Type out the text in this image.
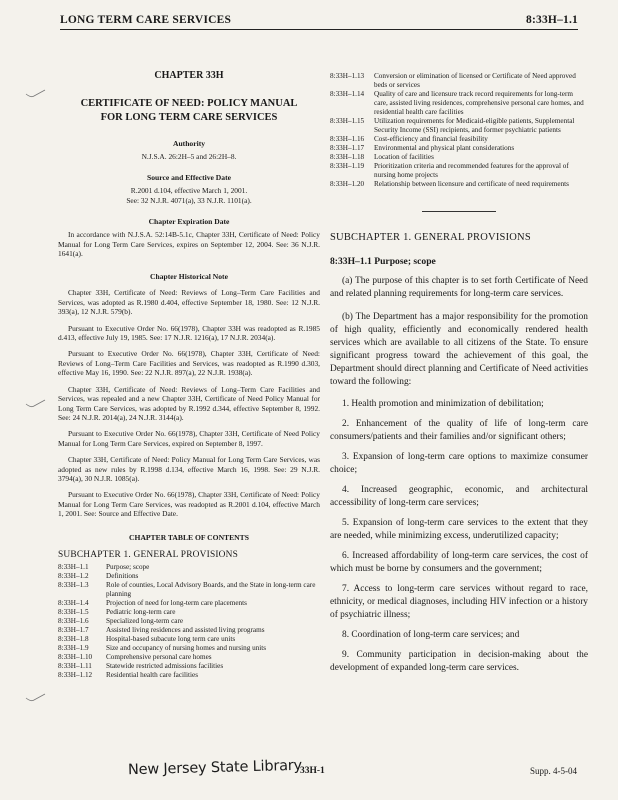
LONG TERM CARE SERVICES	8:33H–1.1
CHAPTER 33H
CERTIFICATE OF NEED: POLICY MANUAL
FOR LONG TERM CARE SERVICES
Authority
N.J.S.A. 26:2H–5 and 26:2H–8.
Source and Effective Date
R.2001 d.104, effective March 1, 2001.
See: 32 N.J.R. 4071(a), 33 N.J.R. 1101(a).
Chapter Expiration Date
In accordance with N.J.S.A. 52:14B-5.1c, Chapter 33H, Certificate of Need: Policy Manual for Long Term Care Services, expires on September 12, 2004. See: 36 N.J.R. 1641(a).
Chapter Historical Note
Chapter 33H, Certificate of Need: Reviews of Long–Term Care Facilities and Services, was adopted as R.1980 d.404, effective September 18, 1980. See: 12 N.J.R. 393(a), 12 N.J.R. 579(b).
Pursuant to Executive Order No. 66(1978), Chapter 33H was readopted as R.1985 d.413, effective July 19, 1985. See: 17 N.J.R. 1216(a), 17 N.J.R. 2034(a).
Pursuant to Executive Order No. 66(1978), Chapter 33H, Certificate of Need: Reviews of Long–Term Care Facilities and Services, was readopted as R.1990 d.303, effective May 16, 1990. See: 22 N.J.R. 897(a), 22 N.J.R. 1938(a).
Chapter 33H, Certificate of Need: Reviews of Long–Term Care Facilities and Services, was repealed and a new Chapter 33H, Certificate of Need Policy Manual for Long Term Care Services, was adopted by R.1992 d.344, effective September 8, 1992. See: 24 N.J.R. 2014(a), 24 N.J.R. 3144(a).
Pursuant to Executive Order No. 66(1978), Chapter 33H, Certificate of Need Policy Manual for Long Term Care Services, expired on September 8, 1997.
Chapter 33H, Certificate of Need: Policy Manual for Long Term Care Services, was adopted as new rules by R.1998 d.134, effective March 16, 1998. See: 29 N.J.R. 3794(a), 30 N.J.R. 1085(a).
Pursuant to Executive Order No. 66(1978), Chapter 33H, Certificate of Need: Policy Manual for Long Term Care Services, was readopted as R.2001 d.104, effective March 1, 2001. See: Source and Effective Date.
CHAPTER TABLE OF CONTENTS
SUBCHAPTER 1. GENERAL PROVISIONS
8:33H–1.1	Purpose; scope
8:33H–1.2	Definitions
8:33H–1.3	Role of counties, Local Advisory Boards, and the State in long-term care planning
8:33H–1.4	Projection of need for long-term care placements
8:33H–1.5	Pediatric long-term care
8:33H–1.6	Specialized long-term care
8:33H–1.7	Assisted living residences and assisted living programs
8:33H–1.8	Hospital-based subacute long term care units
8:33H–1.9	Size and occupancy of nursing homes and nursing units
8:33H–1.10	Comprehensive personal care homes
8:33H–1.11	Statewide restricted admissions facilities
8:33H–1.12	Residential health care facilities
8:33H–1.13	Conversion or elimination of licensed or Certificate of Need approved beds or services
8:33H–1.14	Quality of care and licensure track record requirements for long-term care, assisted living residences, comprehensive personal care homes, and residential health care facilities
8:33H–1.15	Utilization requirements for Medicaid-eligible patients, Supplemental Security Income (SSI) recipients, and former psychiatric patients
8:33H–1.16	Cost-efficiency and financial feasibility
8:33H–1.17	Environmental and physical plant considerations
8:33H–1.18	Location of facilities
8:33H–1.19	Prioritization criteria and recommended features for the approval of nursing home projects
8:33H–1.20	Relationship between licensure and certificate of need requirements
SUBCHAPTER 1. GENERAL PROVISIONS
8:33H–1.1 Purpose; scope
(a) The purpose of this chapter is to set forth Certificate of Need and related planning requirements for long-term care services.
(b) The Department has a major responsibility for the promotion of high quality, efficiently and economically rendered health services which are available to all citizens of the State. To ensure significant progress toward the achievement of this goal, the Department should direct planning and Certificate of Need activities toward the following:
1. Health promotion and minimization of debilitation;
2. Enhancement of the quality of life of long-term care consumers/patients and their families and/or significant others;
3. Expansion of long-term care options to maximize consumer choice;
4. Increased geographic, economic, and architectural accessibility of long-term care services;
5. Expansion of long-term care services to the extent that they are needed, while minimizing excess, underutilized capacity;
6. Increased affordability of long-term care services, the cost of which must be borne by consumers and the government;
7. Access to long-term care services without regard to race, ethnicity, or medical diagnoses, including HIV infection or a history of psychiatric illness;
8. Coordination of long-term care services; and
9. Community participation in decision-making about the development of expanded long-term care services.
New Jersey State Library
33H-1	Supp. 4-5-04
